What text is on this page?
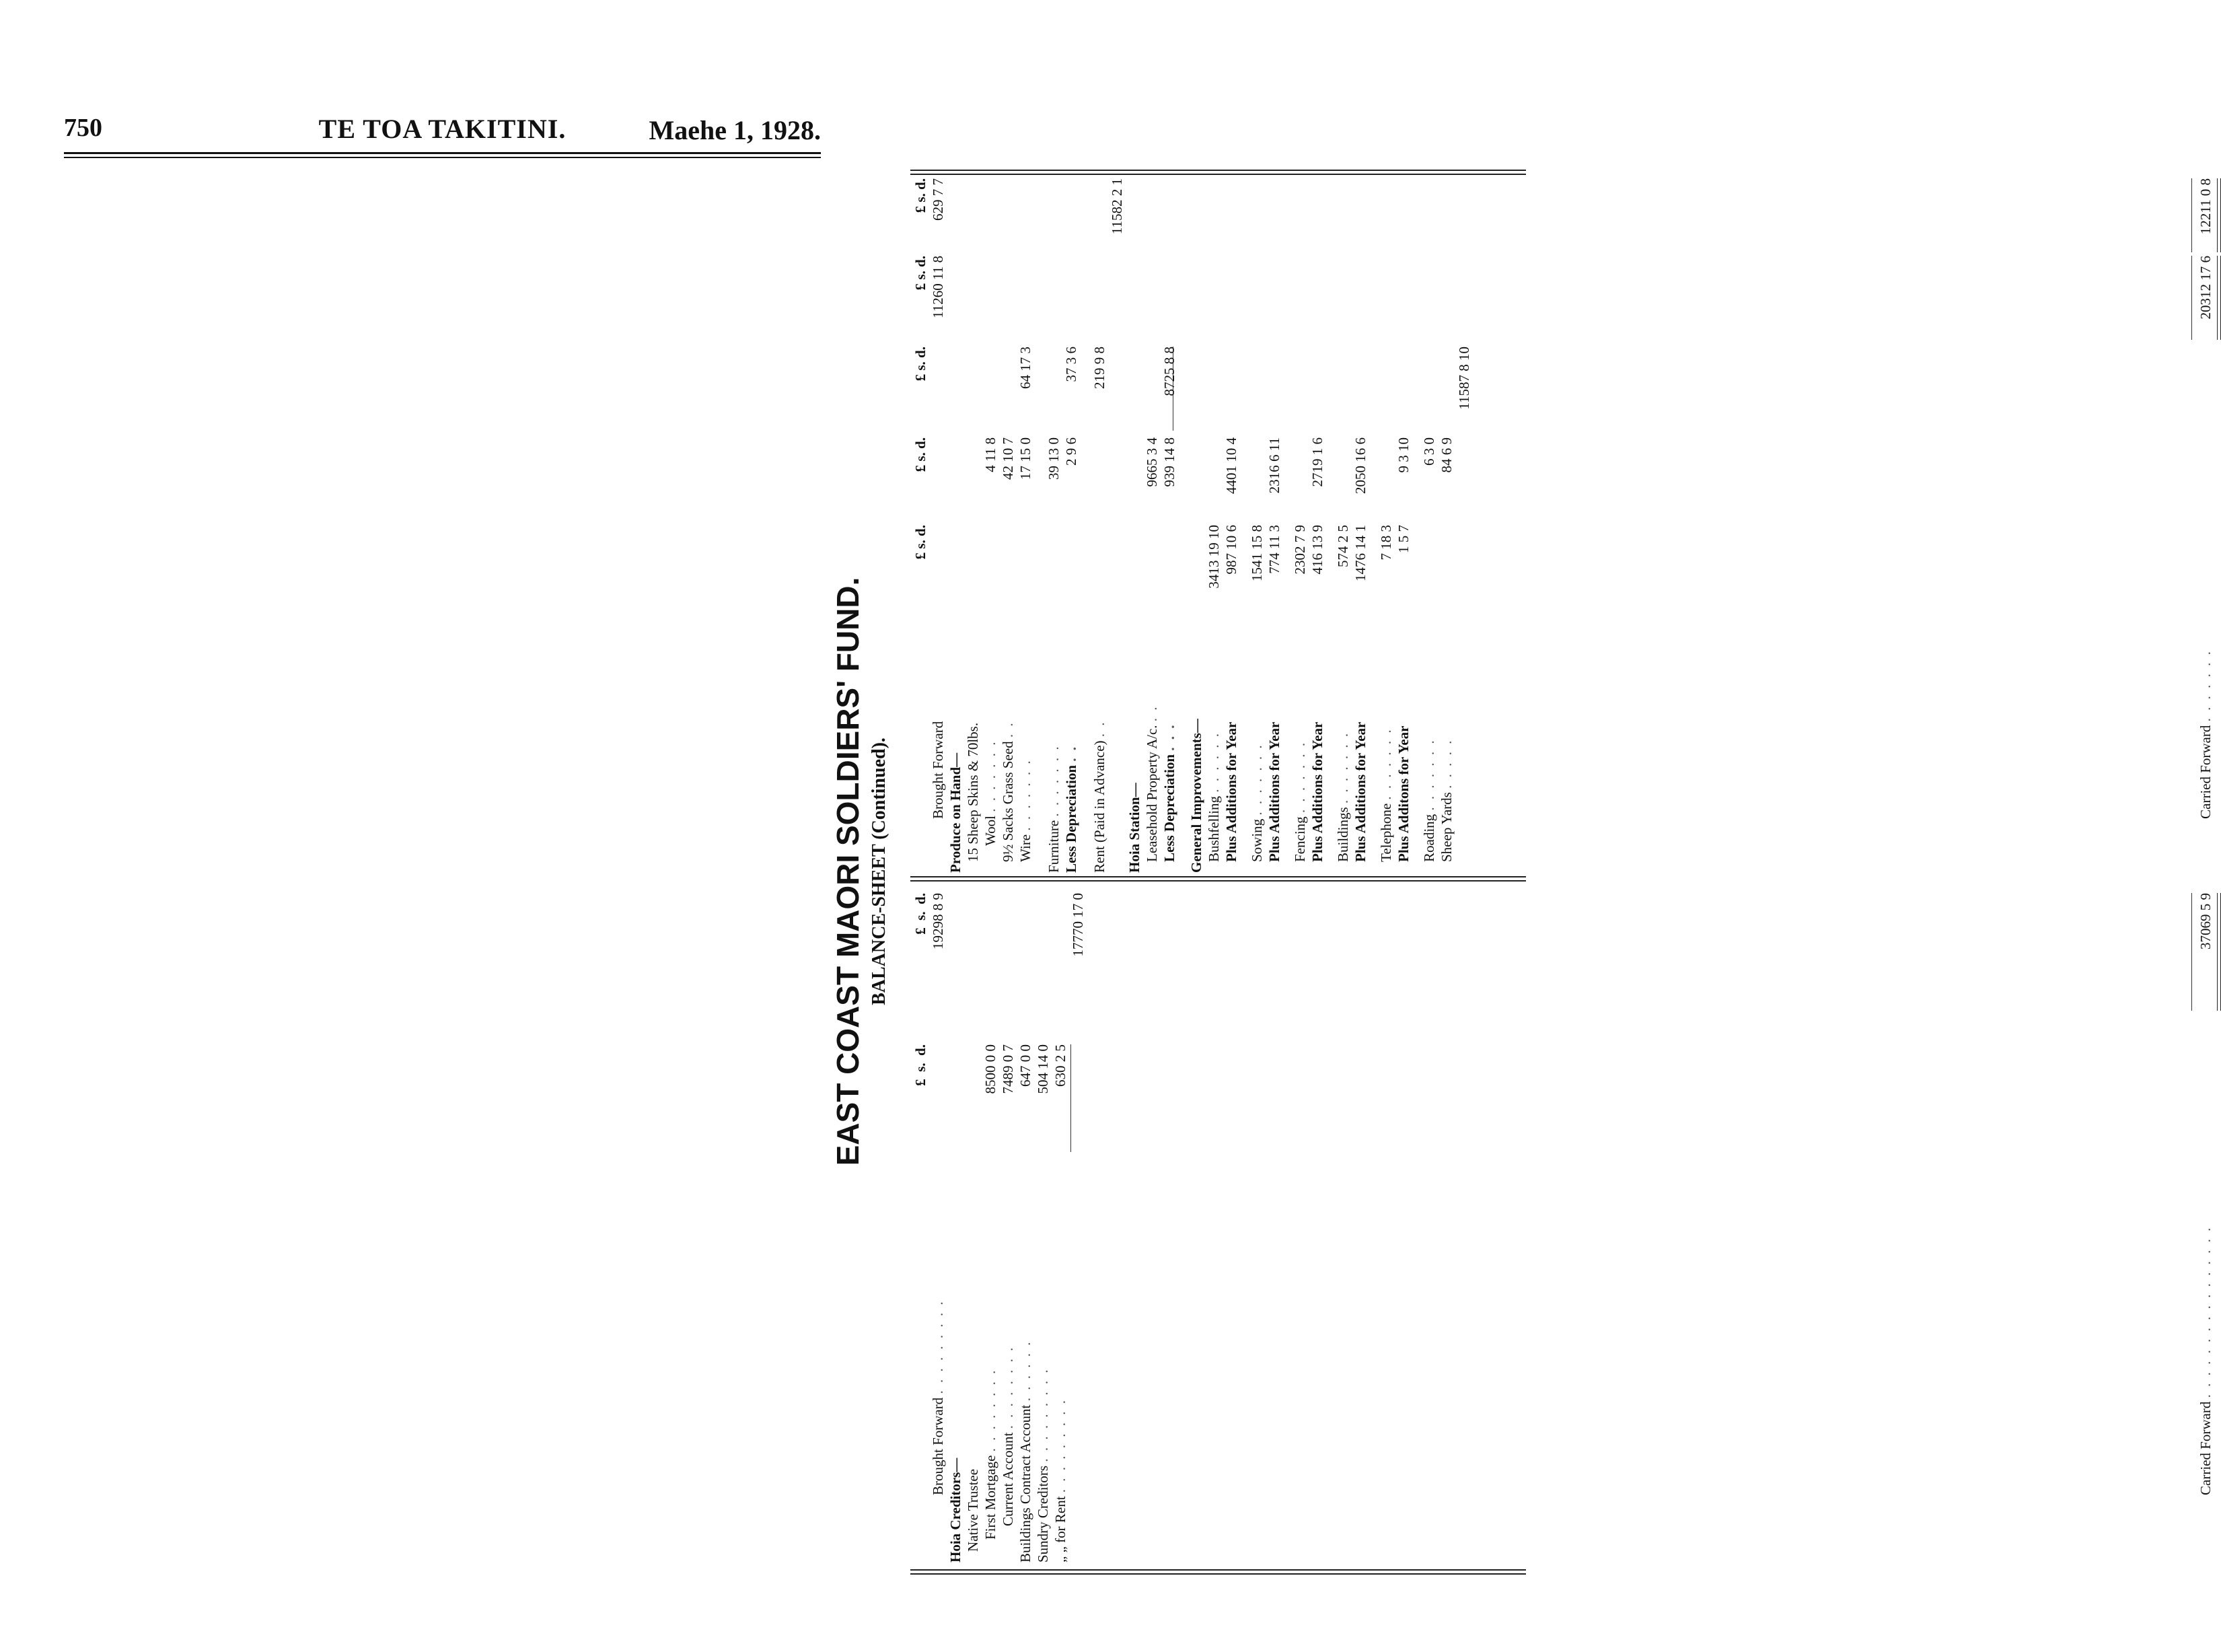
750	TE TOA TAKITINI.	Maehe 1, 1928.
EAST COAST MAORI SOLDIERS' FUND. BALANCE-SHEET (Continued).
£  s.  d.
£  s.  d.
Brought Forward . . . . . . . . .
19298 8 9
Hoia Creditors— Native Trustee First Mortgage . . . . . . . .
8500 0 0
Current Account . . . . . . . .
7489 0 7
Buildings Contract Account . . . . . .
647 0 0
Sundry Creditors . . . . . . . . .
504 14 0
„ „ for Rent . . . . . . . . .
630 2 5
17770 17 0
Carried Forward . . . . . . . . . . . . . . . .
37069 5 9
£ s. d.
£ s. d.
£ s. d.
£ s. d.
£ s. d.
Brought Forward
11260 11 8
629 7 7
Produce on Hand— 15 Sheep Skins & 70lbs. Wool . . . . . . .
4 11 8
9½ Sacks Grass Seed . .
42 10 7
Wire . . . . . . .
17 15 0
64 17 3
Furniture . . . . . . .
39 13 0
Less Depreciation . .
2 9 6
37 3 6
Rent (Paid in Advance) . .
219 9 8
11582 2 1
Hoia Station— Leasehold Property A/c. . .
9665 3 4
Less Depreciation . . .
939 14 8
8725 8 8
General Improvements— Bushfelling . . . . . .
3413 19 10
Plus Additions for Year
987 10 6
4401 10 4
Sowing . . . . . . .
1541 15 8
Plus Additions for Year
774 11 3
2316 6 11
Fencing . . . . . . .
2302 7 9
Plus Additions for Year
416 13 9
2719 1 6
Buildings . . . . . . .
574 2 5
Plus Additions for Year
1476 14 1
2050 16 6
Telephone . . . . . . .
7 18 3
Plus Additons for Year
1 5 7
9 3 10
Roading . . . . . . .
6 3 0
Sheep Yards . . . . .
84 6 9
11587 8 10
Carried Forward . . . . . . .
20312 17 6
12211 0 8
